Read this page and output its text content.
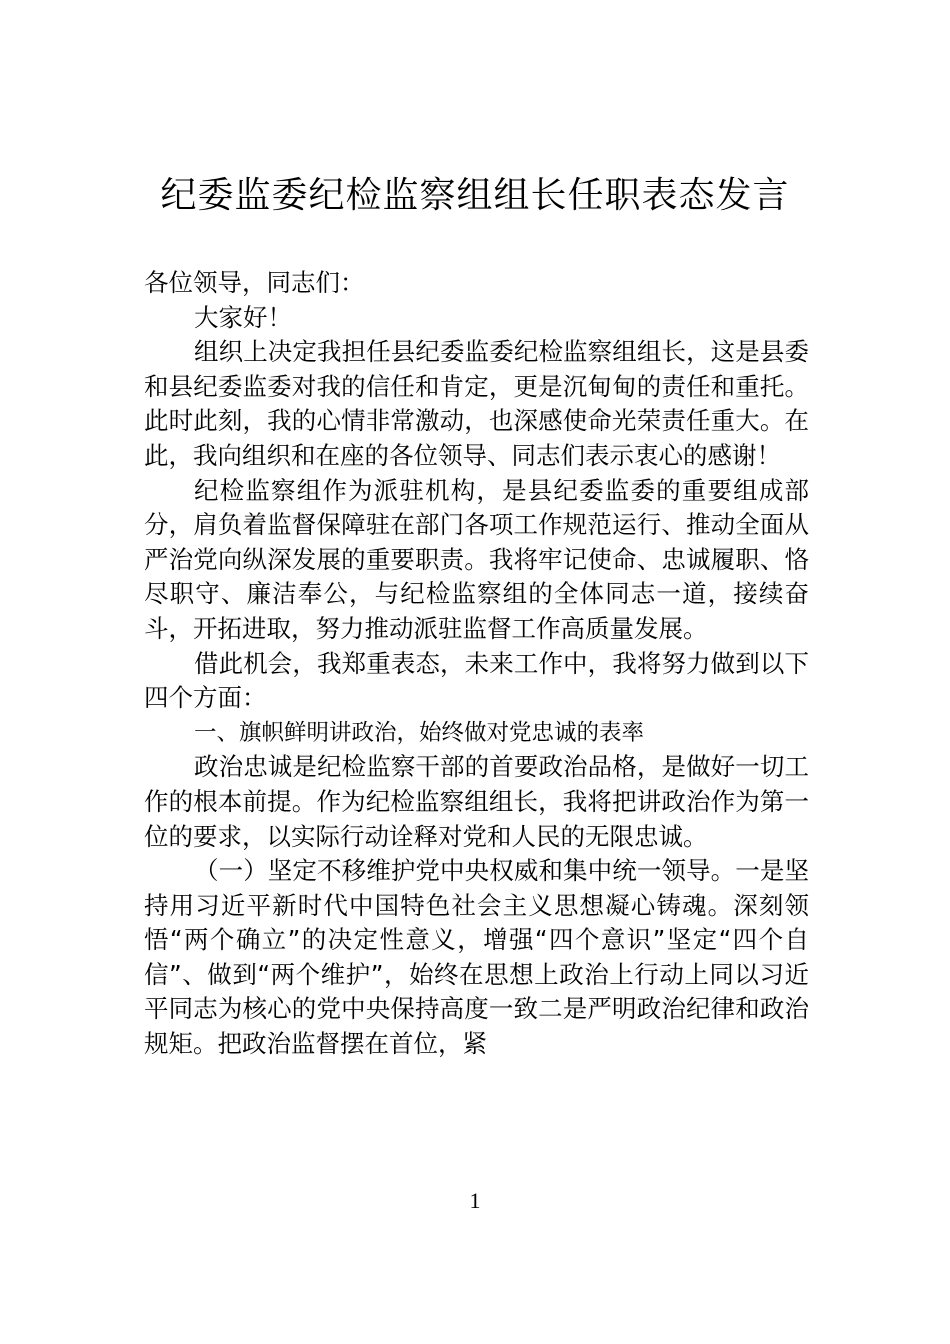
纪委监委纪检监察组组长任职表态发言

各位领导，同志们：

大家好！

组织上决定我担任县纪委监委纪检监察组组长，这是县委和县纪委监委对我的信任和肯定，更是沉甸甸的责任和重托。此时此刻，我的心情非常激动，也深感使命光荣责任重大。在此，我向组织和在座的各位领导、同志们表示衷心的感谢！

纪检监察组作为派驻机构，是县纪委监委的重要组成部分，肩负着监督保障驻在部门各项工作规范运行、推动全面从严治党向纵深发展的重要职责。我将牢记使命、忠诚履职、恪尽职守、廉洁奉公，与纪检监察组的全体同志一道，接续奋斗，开拓进取，努力推动派驻监督工作高质量发展。

借此机会，我郑重表态，未来工作中，我将努力做到以下四个方面：

一、旗帜鲜明讲政治，始终做对党忠诚的表率

政治忠诚是纪检监察干部的首要政治品格，是做好一切工作的根本前提。作为纪检监察组组长，我将把讲政治作为第一位的要求，以实际行动诠释对党和人民的无限忠诚。

（一）坚定不移维护党中央权威和集中统一领导。一是坚持用习近平新时代中国特色社会主义思想凝心铸魂。深刻领悟“两个确立”的决定性意义，增强“四个意识”坚定“四个自信”、做到“两个维护”，始终在思想上政治上行动上同以习近平同志为核心的党中央保持高度一致二是严明政治纪律和政治规矩。把政治监督摆在首位，紧

1
